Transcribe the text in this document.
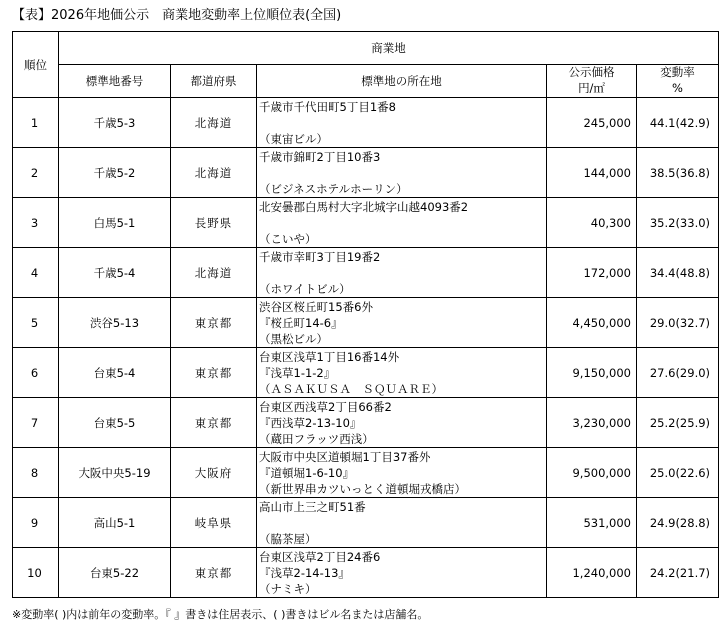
【表】2026年地価公示　商業地変動率上位順位表(全国)
順位	商業地				
	標準地番号	都道府県	標準地の所在地	公示価格
円/㎡	変動率
%

1	千歳5-3	北海道	千歳市千代田町5丁目1番8
（東宙ビル）	245,000	44.1(42.9)
2	千歳5-2	北海道	千歳市錦町2丁目10番3
（ビジネスホテルホーリン）	144,000	38.5(36.8)
3	白馬5-1	長野県	北安曇郡白馬村大字北城字山越4093番2
（こいや）	40,300	35.2(33.0)
4	千歳5-4	北海道	千歳市幸町3丁目19番2
（ホワイトビル）	172,000	34.4(48.8)
5	渋谷5-13	東京都	渋谷区桜丘町15番6外
『桜丘町14-6』
（黒松ビル）	4,450,000	29.0(32.7)
6	台東5-4	東京都	台東区浅草1丁目16番14外
『浅草1-1-2』
（ＡＳＡＫＵＳＡ　ＳＱＵＡＲＥ）	9,150,000	27.6(29.0)
7	台東5-5	東京都	台東区西浅草2丁目66番2
『西浅草2-13-10』
（蔵田フラッツ西浅）	3,230,000	25.2(25.9)
8	大阪中央5-19	大阪府	大阪市中央区道頓堀1丁目37番外
『道頓堀1-6-10』
（新世界串カツいっとく道頓堀戎橋店）	9,500,000	25.0(22.6)
9	高山5-1	岐阜県	高山市上三之町51番
（脇茶屋）	531,000	24.9(28.8)
10	台東5-22	東京都	台東区浅草2丁目24番6
『浅草2-14-13』
（ナミキ）	1,240,000	24.2(21.7)
※変動率( )内は前年の変動率。『 』書きは住居表示、( )書きはビル名または店舗名。
